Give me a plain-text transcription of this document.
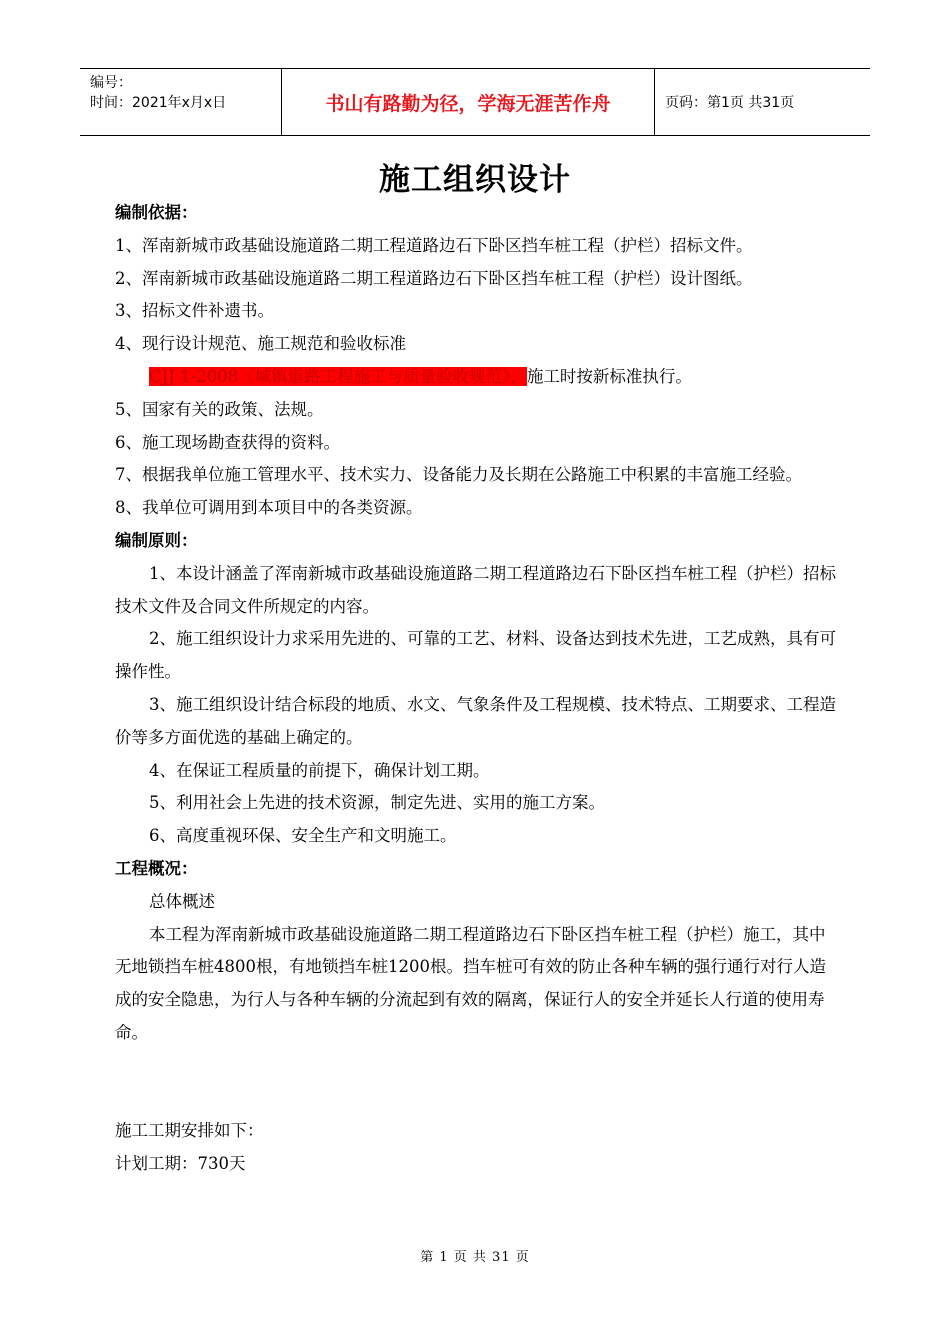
编号：
时间：2021年x月x日	书山有路勤为径，学海无涯苦作舟	页码：第1页 共31页
施工组织设计

编制依据：

1、浑南新城市政基础设施道路二期工程道路边石下卧区挡车桩工程（护栏）招标文件。

2、浑南新城市政基础设施道路二期工程道路边石下卧区挡车桩工程（护栏）设计图纸。

3、招标文件补遗书。

4、现行设计规范、施工规范和验收标准

CJJ 1-2008《城镇道路工程施工与质量验收规范》，施工时按新标准执行。

5、国家有关的政策、法规。

6、施工现场勘查获得的资料。

7、根据我单位施工管理水平、技术实力、设备能力及长期在公路施工中积累的丰富施工经验。

8、我单位可调用到本项目中的各类资源。

编制原则：

1、本设计涵盖了浑南新城市政基础设施道路二期工程道路边石下卧区挡车桩工程（护栏）招标技术文件及合同文件所规定的内容。

2、施工组织设计力求采用先进的、可靠的工艺、材料、设备达到技术先进，工艺成熟，具有可操作性。

3、施工组织设计结合标段的地质、水文、气象条件及工程规模、技术特点、工期要求、工程造价等多方面优选的基础上确定的。

4、在保证工程质量的前提下，确保计划工期。

5、利用社会上先进的技术资源，制定先进、实用的施工方案。

6、高度重视环保、安全生产和文明施工。

工程概况：

总体概述

本工程为浑南新城市政基础设施道路二期工程道路边石下卧区挡车桩工程（护栏）施工，其中无地锁挡车桩4800根，有地锁挡车桩1200根。挡车桩可有效的防止各种车辆的强行通行对行人造成的安全隐患，为行人与各种车辆的分流起到有效的隔离，保证行人的安全并延长人行道的使用寿命。

施工工期安排如下：

计划工期：730天

第 1 页 共 31 页
